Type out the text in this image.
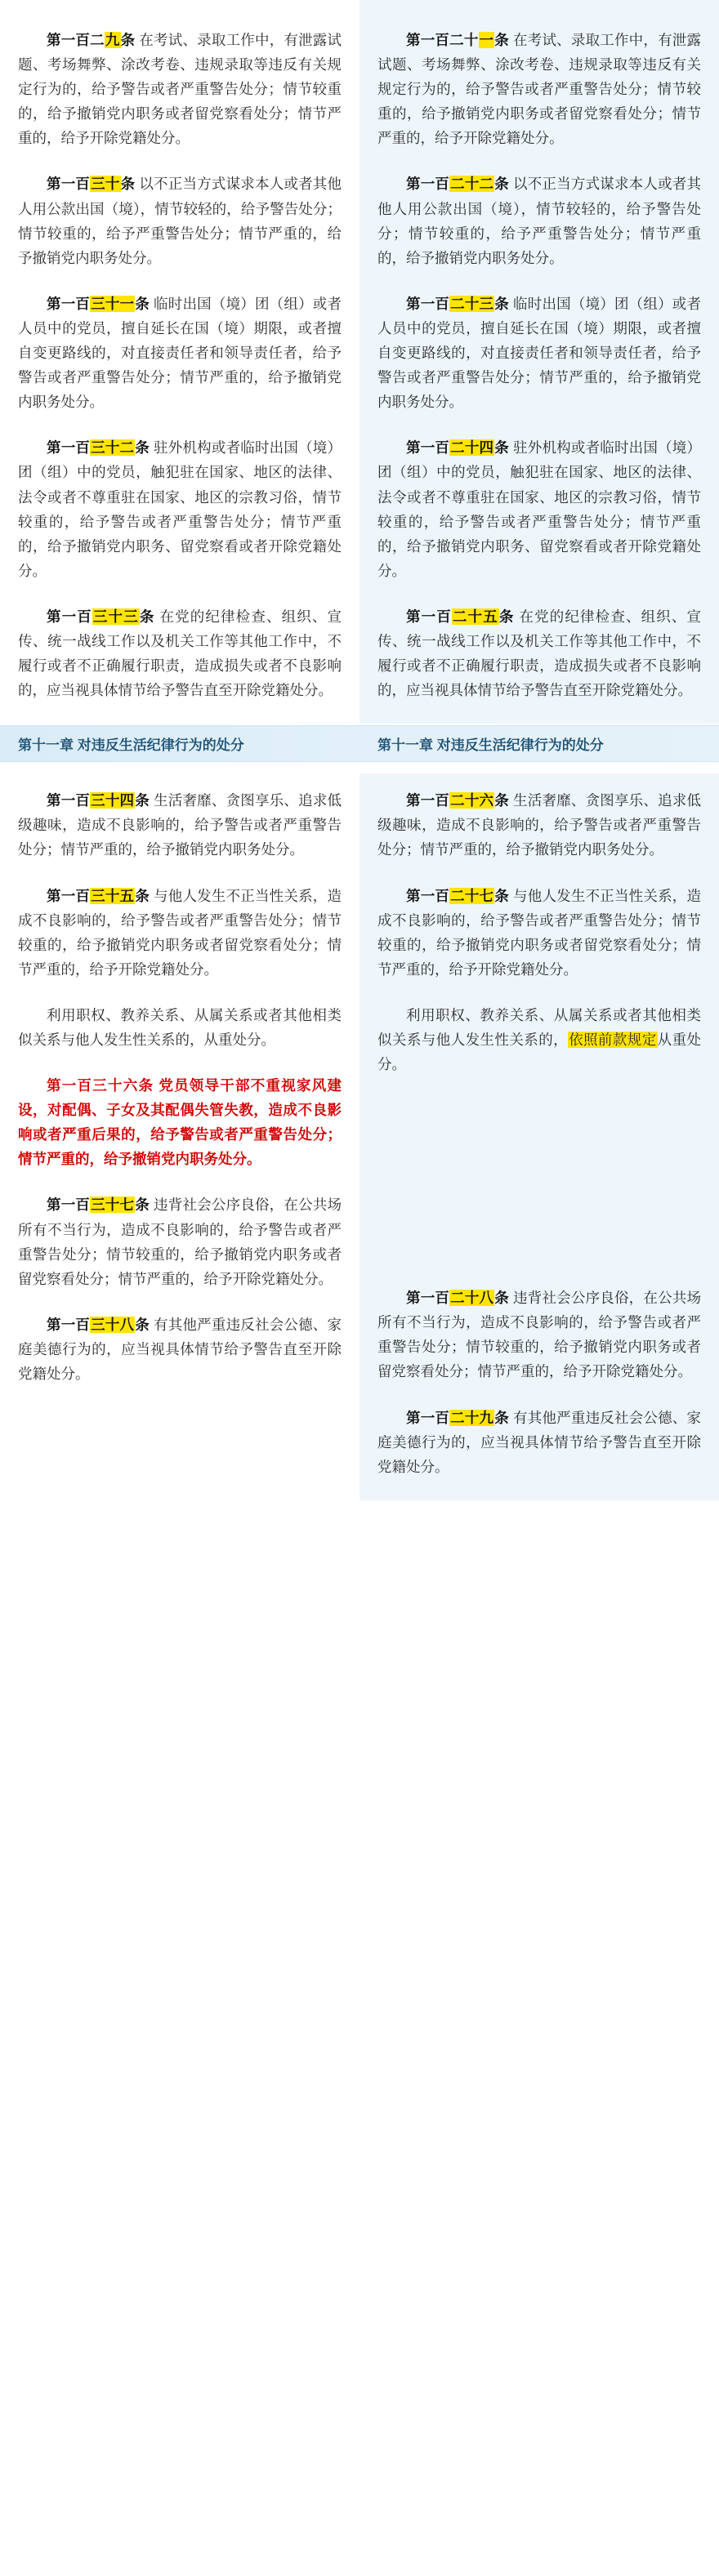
第一百二九条 在考试、录取工作中，有泄露试题、考场舞弊、涂改考卷、违规录取等违反有关规定行为的，给予警告或者严重警告处分；情节较重的，给予撤销党内职务或者留党察看处分；情节严重的，给予开除党籍处分。

第一百三十条 以不正当方式谋求本人或者其他人用公款出国（境），情节较轻的，给予警告处分；情节较重的，给予严重警告处分；情节严重的，给予撤销党内职务处分。

第一百三十一条 临时出国（境）团（组）或者人员中的党员，擅自延长在国（境）期限，或者擅自变更路线的，对直接责任者和领导责任者，给予警告或者严重警告处分；情节严重的，给予撤销党内职务处分。

第一百三十二条 驻外机构或者临时出国（境）团（组）中的党员，触犯驻在国家、地区的法律、法令或者不尊重驻在国家、地区的宗教习俗，情节较重的，给予警告或者严重警告处分；情节严重的，给予撤销党内职务、留党察看或者开除党籍处分。

第一百三十三条 在党的纪律检查、组织、宣传、统一战线工作以及机关工作等其他工作中，不履行或者不正确履行职责，造成损失或者不良影响的，应当视具体情节给予警告直至开除党籍处分。

第一百二十一条 在考试、录取工作中，有泄露试题、考场舞弊、涂改考卷、违规录取等违反有关规定行为的，给予警告或者严重警告处分；情节较重的，给予撤销党内职务或者留党察看处分；情节严重的，给予开除党籍处分。

第一百二十二条 以不正当方式谋求本人或者其他人用公款出国（境），情节较轻的，给予警告处分；情节较重的，给予严重警告处分；情节严重的，给予撤销党内职务处分。

第一百二十三条 临时出国（境）团（组）或者人员中的党员，擅自延长在国（境）期限，或者擅自变更路线的，对直接责任者和领导责任者，给予警告或者严重警告处分；情节严重的，给予撤销党内职务处分。

第一百二十四条 驻外机构或者临时出国（境）团（组）中的党员，触犯驻在国家、地区的法律、法令或者不尊重驻在国家、地区的宗教习俗，情节较重的，给予警告或者严重警告处分；情节严重的，给予撤销党内职务、留党察看或者开除党籍处分。

第一百二十五条 在党的纪律检查、组织、宣传、统一战线工作以及机关工作等其他工作中，不履行或者不正确履行职责，造成损失或者不良影响的，应当视具体情节给予警告直至开除党籍处分。

第十一章 对违反生活纪律行为的处分	第十一章 对违反生活纪律行为的处分

第一百三十四条 生活奢靡、贪图享乐、追求低级趣味，造成不良影响的，给予警告或者严重警告处分；情节严重的，给予撤销党内职务处分。

第一百三十五条 与他人发生不正当性关系，造成不良影响的，给予警告或者严重警告处分；情节较重的，给予撤销党内职务或者留党察看处分；情节严重的，给予开除党籍处分。

利用职权、教养关系、从属关系或者其他相类似关系与他人发生性关系的，从重处分。

第一百三十六条 党员领导干部不重视家风建设，对配偶、子女及其配偶失管失教，造成不良影响或者严重后果的，给予警告或者严重警告处分；情节严重的，给予撤销党内职务处分。

第一百三十七条 违背社会公序良俗，在公共场所有不当行为，造成不良影响的，给予警告或者严重警告处分；情节较重的，给予撤销党内职务或者留党察看处分；情节严重的，给予开除党籍处分。

第一百三十八条 有其他严重违反社会公德、家庭美德行为的，应当视具体情节给予警告直至开除党籍处分。

第一百二十六条 生活奢靡、贪图享乐、追求低级趣味，造成不良影响的，给予警告或者严重警告处分；情节严重的，给予撤销党内职务处分。

第一百二十七条 与他人发生不正当性关系，造成不良影响的，给予警告或者严重警告处分；情节较重的，给予撤销党内职务或者留党察看处分；情节严重的，给予开除党籍处分。

利用职权、教养关系、从属关系或者其他相类似关系与他人发生性关系的，依照前款规定从重处分。

第一百二十八条 违背社会公序良俗，在公共场所有不当行为，造成不良影响的，给予警告或者严重警告处分；情节较重的，给予撤销党内职务或者留党察看处分；情节严重的，给予开除党籍处分。

第一百二十九条 有其他严重违反社会公德、家庭美德行为的，应当视具体情节给予警告直至开除党籍处分。
